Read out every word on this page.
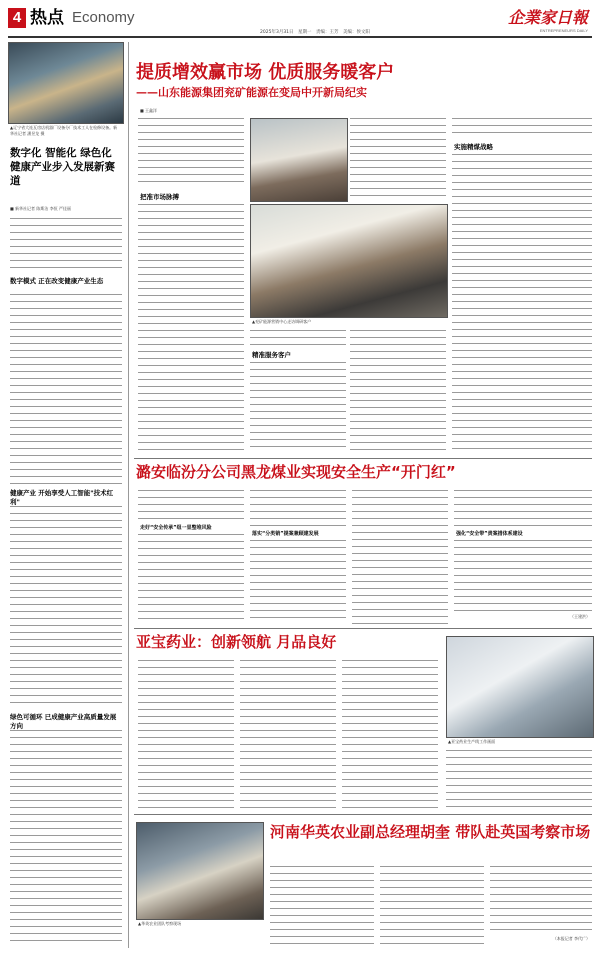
4 热点 Economy	企業家日報
ENTREPRENEURS DAILY
2025年3月31日　星期一　责编：王芳　美编：侯文阳
▲辽宁省大连瓦房店机器厂设备分厂技术工人在检修设备。新华社记者 潘昱龙 摄
数字化 智能化 绿色化 健康产业步入发展新赛道
■ 新华社记者 陈斯洁 李恒 严佳丽
数字模式 正在改变健康产业生态
健康产业 开始享受人工智能"技术红利"
绿色可循环 已成健康产业高质量发展方向
提质增效赢市场 优质服务暖客户
——山东能源集团兖矿能源在变局中开新局纪实
■ 王鑫洋
把准市场脉搏
▲兖矿能源营销中心走访调研客户
精准服务客户
实施精煤战略
潞安临汾分公司黑龙煤业实现安全生产“开门红”
走好“安全传承”组一显整堆风险
落实“分类销”提案兼顾建发展	强化“安全带”责案措体系建设
（王建洪）
亚宝药业：创新领航 月品良好
▲亚宝药业生产线工作画面
▲华英农业团队考察现场
河南华英农业副总经理胡奎 带队赴英国考察市场
（本报记者 李代广）
